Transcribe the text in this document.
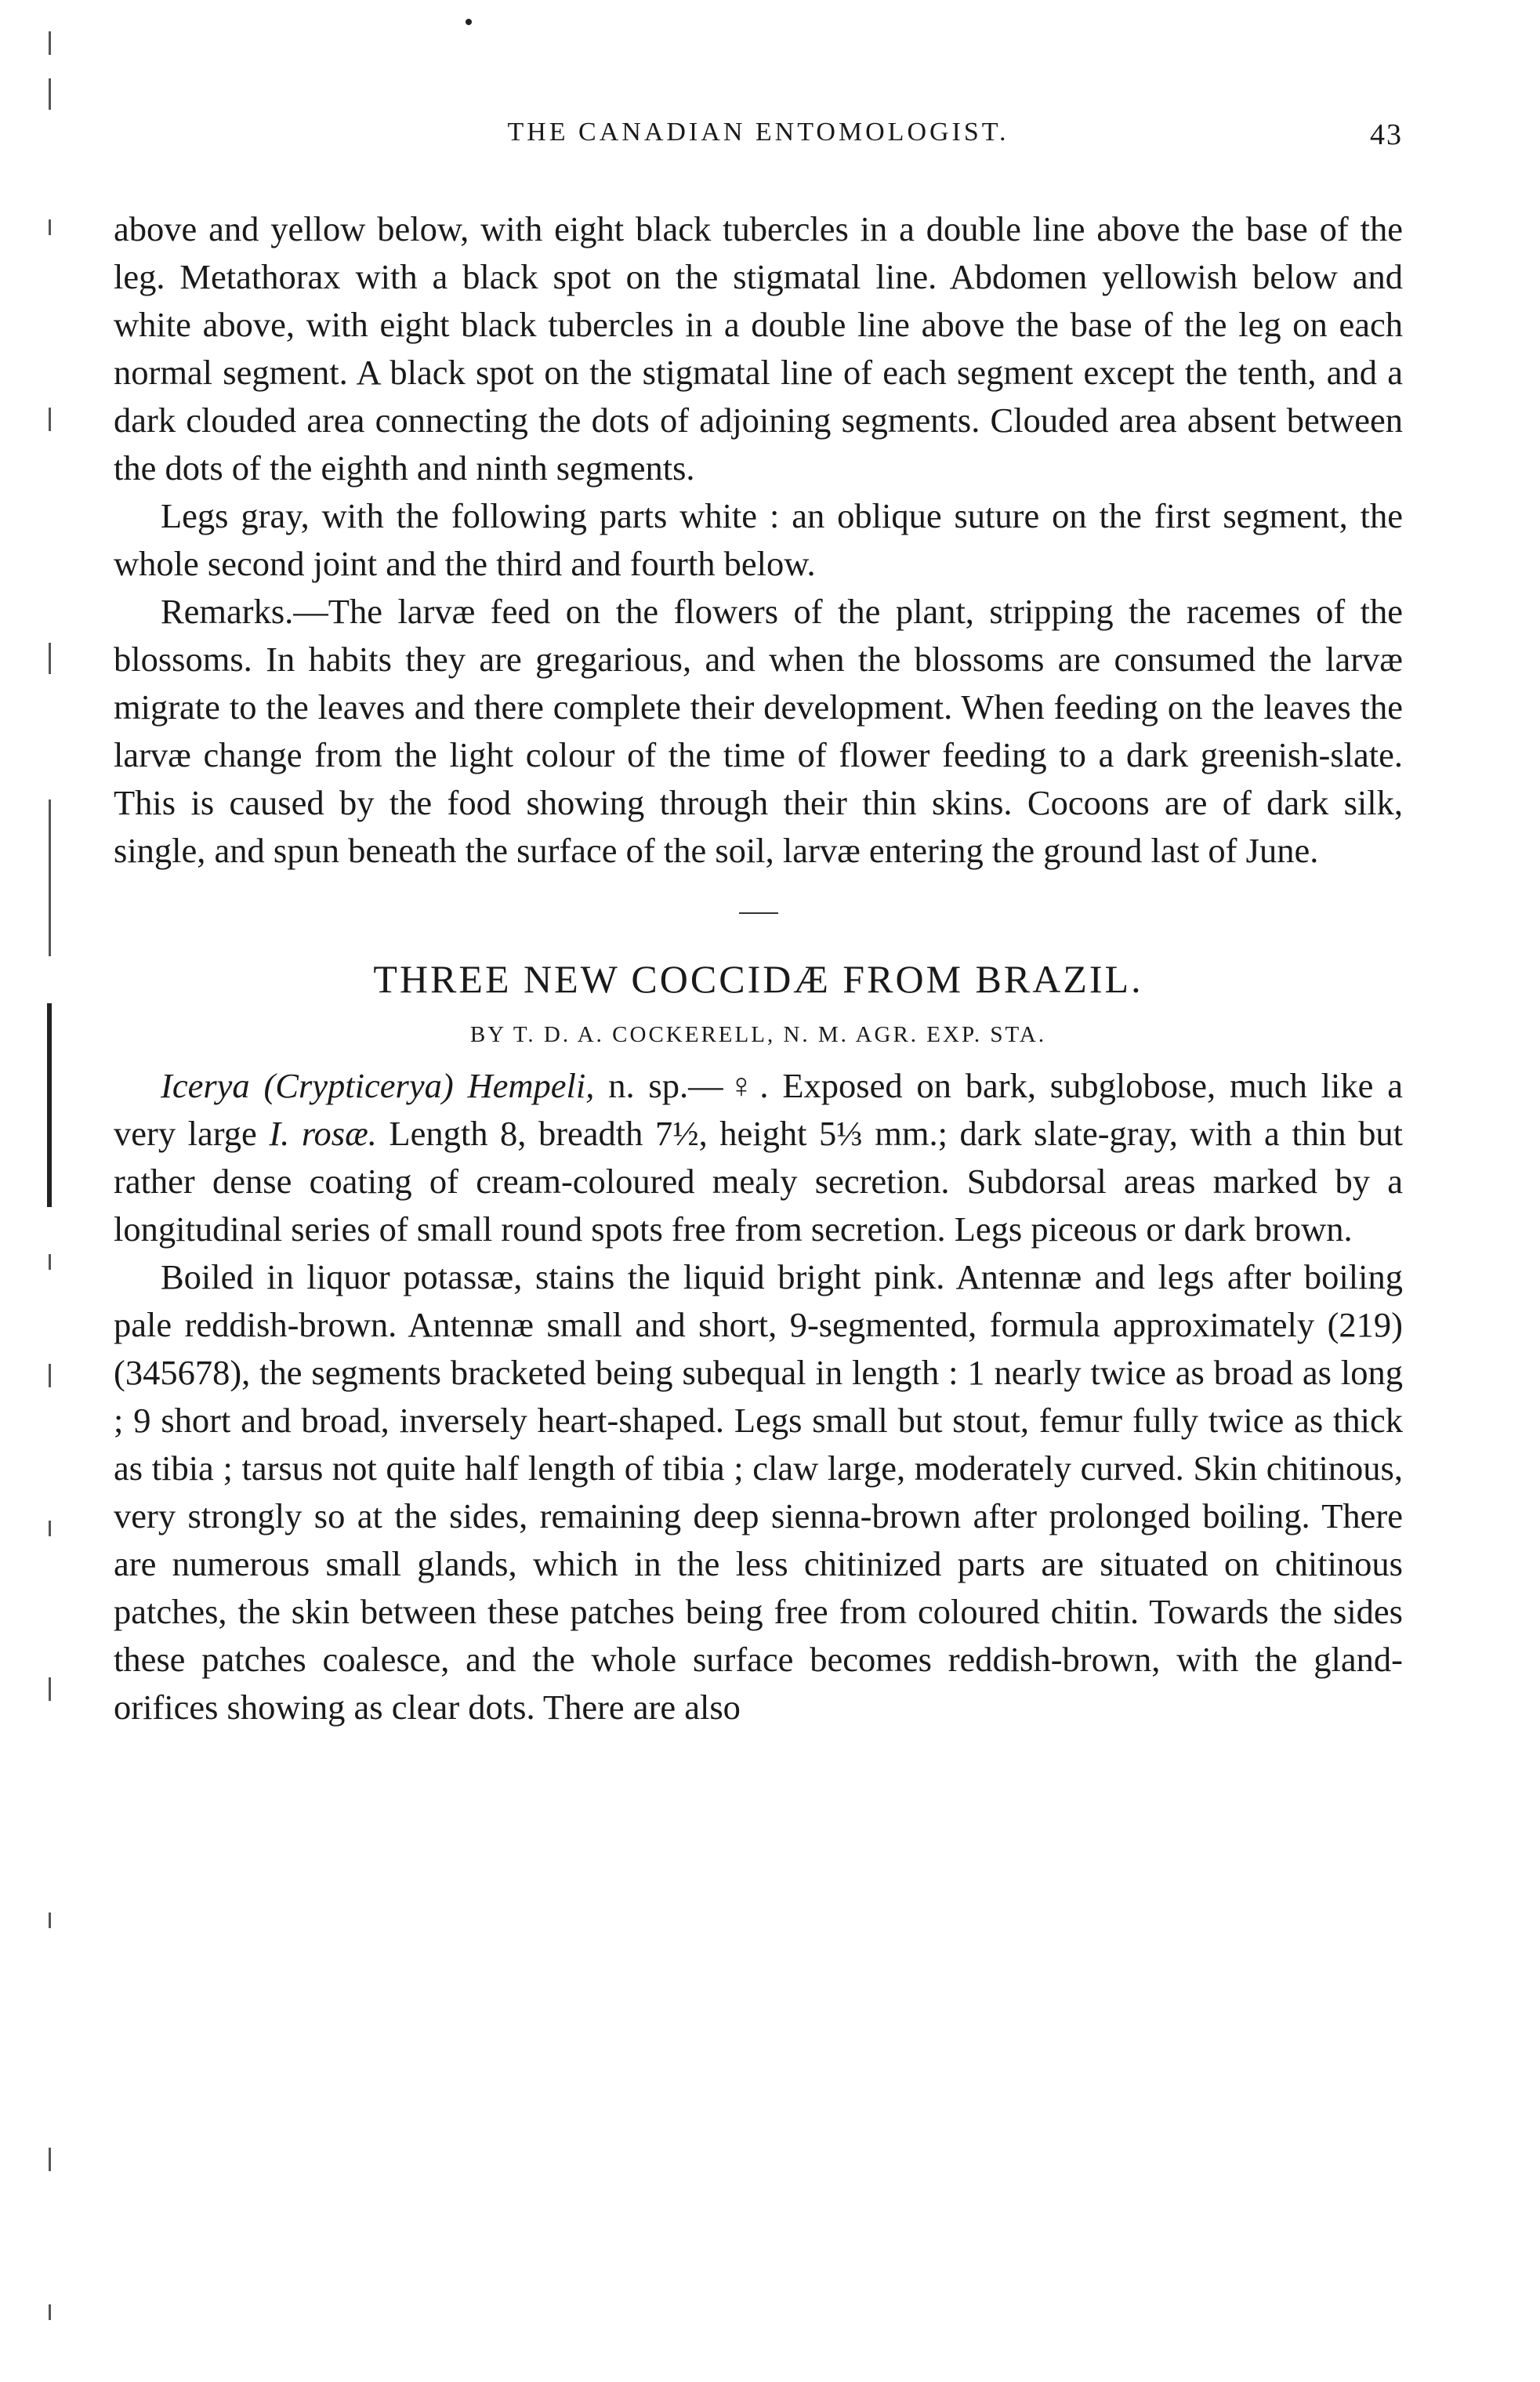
THE CANADIAN ENTOMOLOGIST.	43

above and yellow below, with eight black tubercles in a double line above the base of the leg. Metathorax with a black spot on the stigmatal line. Abdomen yellowish below and white above, with eight black tubercles in a double line above the base of the leg on each normal segment. A black spot on the stigmatal line of each segment except the tenth, and a dark clouded area connecting the dots of adjoining segments. Clouded area absent between the dots of the eighth and ninth segments.

Legs gray, with the following parts white : an oblique suture on the first segment, the whole second joint and the third and fourth below.

Remarks.—The larvæ feed on the flowers of the plant, stripping the racemes of the blossoms. In habits they are gregarious, and when the blossoms are consumed the larvæ migrate to the leaves and there complete their development. When feeding on the leaves the larvæ change from the light colour of the time of flower feeding to a dark greenish-slate. This is caused by the food showing through their thin skins. Cocoons are of dark silk, single, and spun beneath the surface of the soil, larvæ entering the ground last of June.

THREE NEW COCCIDÆ FROM BRAZIL.
BY T. D. A. COCKERELL, N. M. AGR. EXP. STA.

Icerya (Crypticerya) Hempeli, n. sp.—♀. Exposed on bark, subglobose, much like a very large I. rosæ. Length 8, breadth 7½, height 5⅓ mm.; dark slate-gray, with a thin but rather dense coating of cream-coloured mealy secretion. Subdorsal areas marked by a longitudinal series of small round spots free from secretion. Legs piceous or dark brown.

Boiled in liquor potassæ, stains the liquid bright pink. Antennæ and legs after boiling pale reddish-brown. Antennæ small and short, 9-segmented, formula approximately (219)(345678), the segments bracketed being subequal in length : 1 nearly twice as broad as long ; 9 short and broad, inversely heart-shaped. Legs small but stout, femur fully twice as thick as tibia ; tarsus not quite half length of tibia ; claw large, moderately curved. Skin chitinous, very strongly so at the sides, remaining deep sienna-brown after prolonged boiling. There are numerous small glands, which in the less chitinized parts are situated on chitinous patches, the skin between these patches being free from coloured chitin. Towards the sides these patches coalesce, and the whole surface becomes reddish-brown, with the gland-orifices showing as clear dots. There are also
